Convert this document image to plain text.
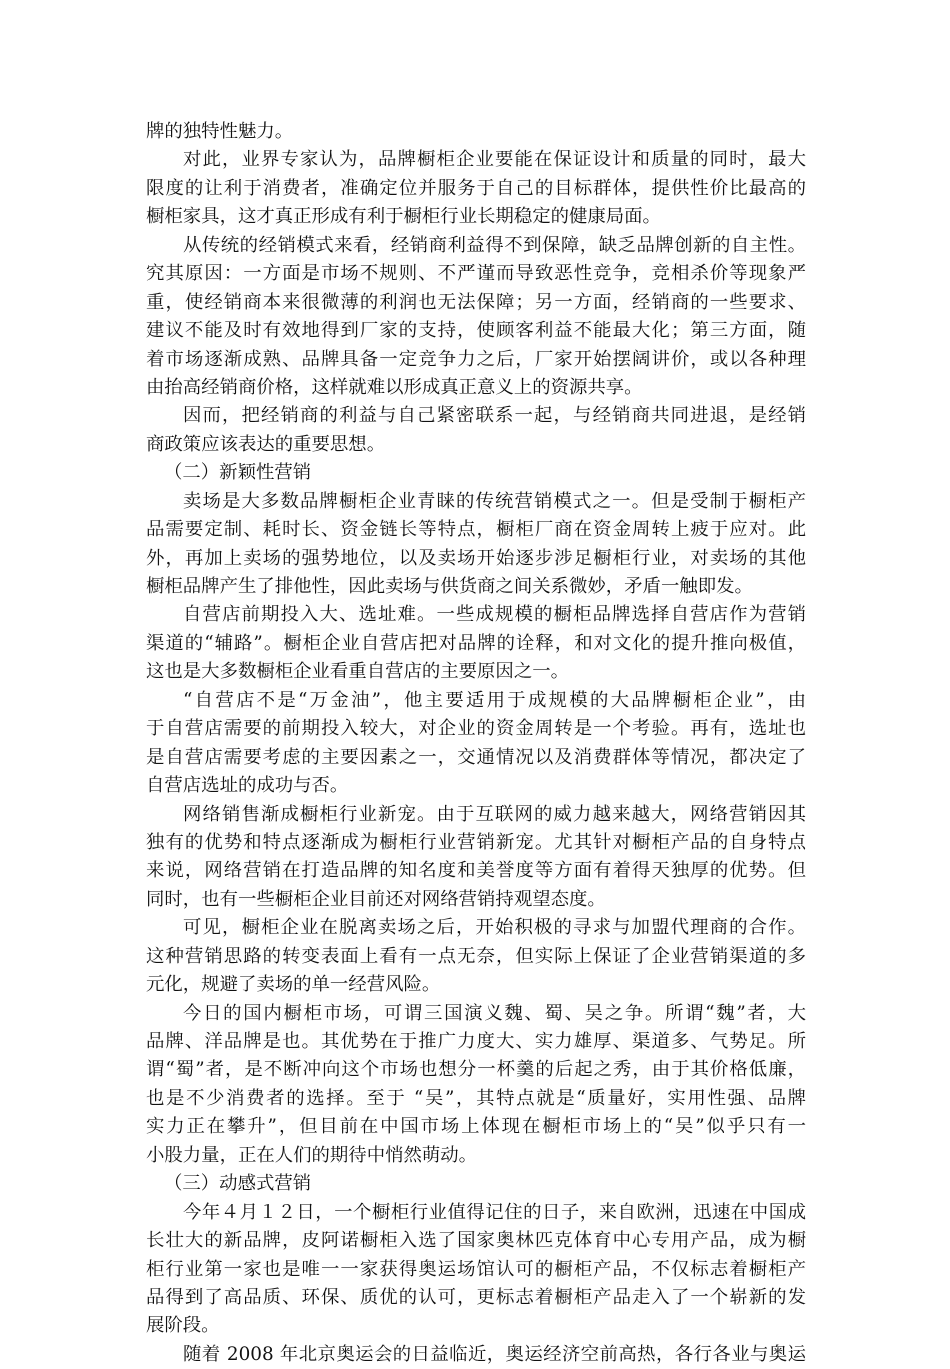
牌的独特性魅力。
对此，业界专家认为，品牌橱柜企业要能在保证设计和质量的同时，最大
限度的让利于消费者，准确定位并服务于自己的目标群体，提供性价比最高的
橱柜家具，这才真正形成有利于橱柜行业长期稳定的健康局面。
从传统的经销模式来看，经销商利益得不到保障，缺乏品牌创新的自主性。
究其原因：一方面是市场不规则、不严谨而导致恶性竞争，竞相杀价等现象严
重，使经销商本来很微薄的利润也无法保障；另一方面，经销商的一些要求、
建议不能及时有效地得到厂家的支持，使顾客利益不能最大化；第三方面，随
着市场逐渐成熟、品牌具备一定竞争力之后，厂家开始摆阔讲价，或以各种理
由抬高经销商价格，这样就难以形成真正意义上的资源共享。
因而，把经销商的利益与自己紧密联系一起，与经销商共同进退，是经销
商政策应该表达的重要思想。
（二）新颖性营销
卖场是大多数品牌橱柜企业青睐的传统营销模式之一。但是受制于橱柜产
品需要定制、耗时长、资金链长等特点，橱柜厂商在资金周转上疲于应对。此
外，再加上卖场的强势地位，以及卖场开始逐步涉足橱柜行业，对卖场的其他
橱柜品牌产生了排他性，因此卖场与供货商之间关系微妙，矛盾一触即发。
自营店前期投入大、选址难。一些成规模的橱柜品牌选择自营店作为营销
渠道的“辅路”。橱柜企业自营店把对品牌的诠释，和对文化的提升推向极值，
这也是大多数橱柜企业看重自营店的主要原因之一。
“自营店不是“万金油”，他主要适用于成规模的大品牌橱柜企业”，由
于自营店需要的前期投入较大，对企业的资金周转是一个考验。再有，选址也
是自营店需要考虑的主要因素之一，交通情况以及消费群体等情况，都决定了
自营店选址的成功与否。
网络销售渐成橱柜行业新宠。由于互联网的威力越来越大，网络营销因其
独有的优势和特点逐渐成为橱柜行业营销新宠。尤其针对橱柜产品的自身特点
来说，网络营销在打造品牌的知名度和美誉度等方面有着得天独厚的优势。但
同时，也有一些橱柜企业目前还对网络营销持观望态度。
可见，橱柜企业在脱离卖场之后，开始积极的寻求与加盟代理商的合作。
这种营销思路的转变表面上看有一点无奈，但实际上保证了企业营销渠道的多
元化，规避了卖场的单一经营风险。
今日的国内橱柜市场，可谓三国演义魏、蜀、吴之争。所谓“魏”者，大
品牌、洋品牌是也。其优势在于推广力度大、实力雄厚、渠道多、气势足。所
谓“蜀”者，是不断冲向这个市场也想分一杯羹的后起之秀，由于其价格低廉，
也是不少消费者的选择。至于 “吴”，其特点就是“质量好，实用性强、品牌
实力正在攀升”，但目前在中国市场上体现在橱柜市场上的“吴”似乎只有一
小股力量，正在人们的期待中悄然萌动。
（三）动感式营销
今年４月１２日，一个橱柜行业值得记住的日子，来自欧洲，迅速在中国成
长壮大的新品牌，皮阿诺橱柜入选了国家奥林匹克体育中心专用产品，成为橱
柜行业第一家也是唯一一家获得奥运场馆认可的橱柜产品，不仅标志着橱柜产
品得到了高品质、环保、质优的认可，更标志着橱柜产品走入了一个崭新的发
展阶段。
随着 2008 年北京奥运会的日益临近，奥运经济空前高热，各行各业与奥运
